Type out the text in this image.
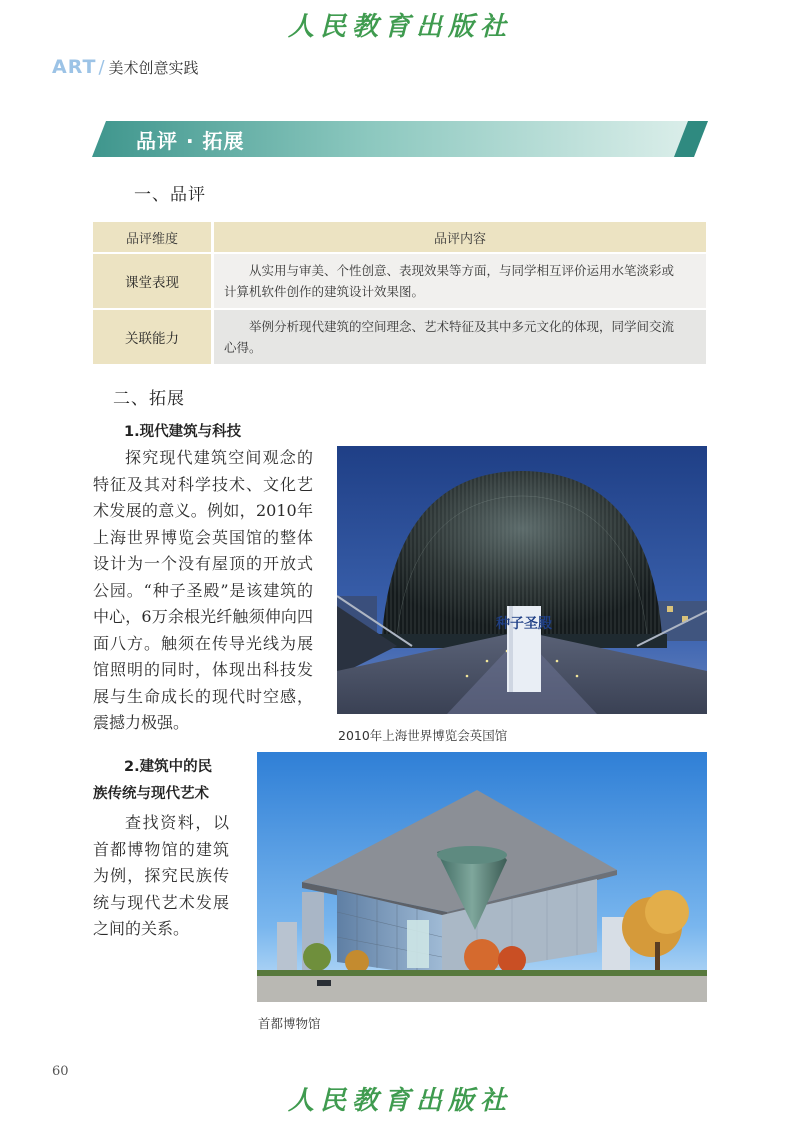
人民教育出版社
ART / 美术创意实践
品评 · 拓展
一、品评
品评维度	品评内容
课堂表现	从实用与审美、个性创意、表现效果等方面，与同学相互评价运用水笔淡彩或计算机软件创作的建筑设计效果图。
关联能力	举例分析现代建筑的空间理念、艺术特征及其中多元文化的体现，同学间交流心得。
二、拓展
1.现代建筑与科技
探究现代建筑空间观念的特征及其对科学技术、文化艺术发展的意义。例如，2010年上海世界博览会英国馆的整体设计为一个没有屋顶的开放式公园。“种子圣殿”是该建筑的中心，6万余根光纤触须伸向四面八方。触须在传导光线为展馆照明的同时，体现出科技发展与生命成长的现代时空感，震撼力极强。
种子圣殿
2010年上海世界博览会英国馆
2.建筑中的民
族传统与现代艺术
查找资料，以首都博物馆的建筑为例，探究民族传统与现代艺术发展之间的关系。
首都博物馆
60
人民教育出版社
